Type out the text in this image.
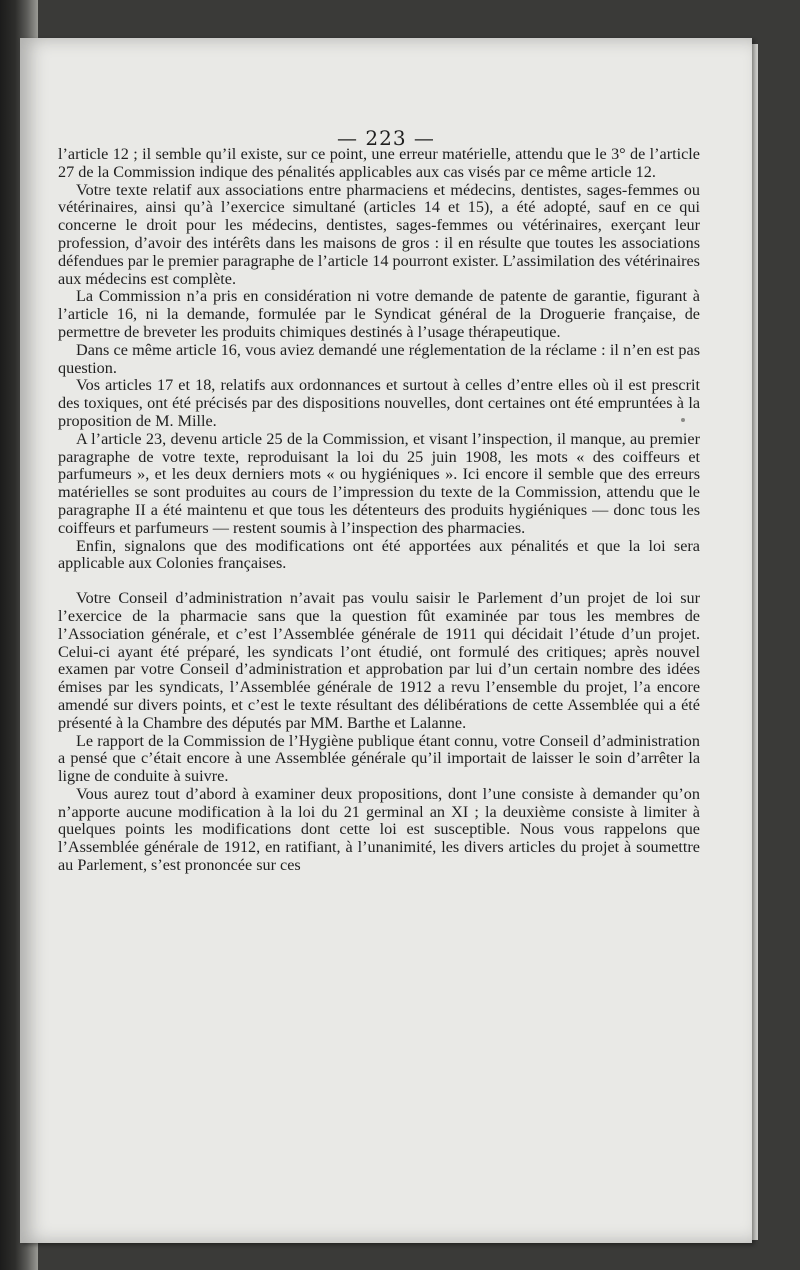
— 223 —

l’article 12 ; il semble qu’il existe, sur ce point, une erreur matérielle, attendu que le 3° de l’article 27 de la Commission indique des pénalités applicables aux cas visés par ce même article 12.

Votre texte relatif aux associations entre pharmaciens et médecins, dentistes, sages-femmes ou vétérinaires, ainsi qu’à l’exercice simultané (articles 14 et 15), a été adopté, sauf en ce qui concerne le droit pour les médecins, dentistes, sages-femmes ou vétérinaires, exerçant leur profession, d’avoir des intérêts dans les maisons de gros : il en résulte que toutes les associations défendues par le premier paragraphe de l’article 14 pourront exister. L’assimilation des vétérinaires aux médecins est complète.

La Commission n’a pris en considération ni votre demande de patente de garantie, figurant à l’article 16, ni la demande, formulée par le Syndicat général de la Droguerie française, de permettre de breveter les produits chimiques destinés à l’usage thérapeutique.

Dans ce même article 16, vous aviez demandé une réglementation de la réclame : il n’en est pas question.

Vos articles 17 et 18, relatifs aux ordonnances et surtout à celles d’entre elles où il est prescrit des toxiques, ont été précisés par des dispositions nouvelles, dont certaines ont été empruntées à la proposition de M. Mille.

A l’article 23, devenu article 25 de la Commission, et visant l’inspection, il manque, au premier paragraphe de votre texte, reproduisant la loi du 25 juin 1908, les mots « des coiffeurs et parfumeurs », et les deux derniers mots « ou hygiéniques ». Ici encore il semble que des erreurs matérielles se sont produites au cours de l’impression du texte de la Commission, attendu que le paragraphe II a été maintenu et que tous les détenteurs des produits hygiéniques — donc tous les coiffeurs et parfumeurs — restent soumis à l’inspection des pharmacies.

Enfin, signalons que des modifications ont été apportées aux pénalités et que la loi sera applicable aux Colonies françaises.

Votre Conseil d’administration n’avait pas voulu saisir le Parlement d’un projet de loi sur l’exercice de la pharmacie sans que la question fût examinée par tous les membres de l’Association générale, et c’est l’Assemblée générale de 1911 qui décidait l’étude d’un projet. Celui-ci ayant été préparé, les syndicats l’ont étudié, ont formulé des critiques; après nouvel examen par votre Conseil d’administration et approbation par lui d’un certain nombre des idées émises par les syndicats, l’Assemblée générale de 1912 a revu l’ensemble du projet, l’a encore amendé sur divers points, et c’est le texte résultant des délibérations de cette Assemblée qui a été présenté à la Chambre des députés par MM. Barthe et Lalanne.

Le rapport de la Commission de l’Hygiène publique étant connu, votre Conseil d’administration a pensé que c’était encore à une Assemblée générale qu’il importait de laisser le soin d’arrêter la ligne de conduite à suivre.

Vous aurez tout d’abord à examiner deux propositions, dont l’une consiste à demander qu’on n’apporte aucune modification à la loi du 21 germinal an XI ; la deuxième consiste à limiter à quelques points les modifications dont cette loi est susceptible. Nous vous rappelons que l’Assemblée générale de 1912, en ratifiant, à l’unanimité, les divers articles du projet à soumettre au Parlement, s’est prononcée sur ces
